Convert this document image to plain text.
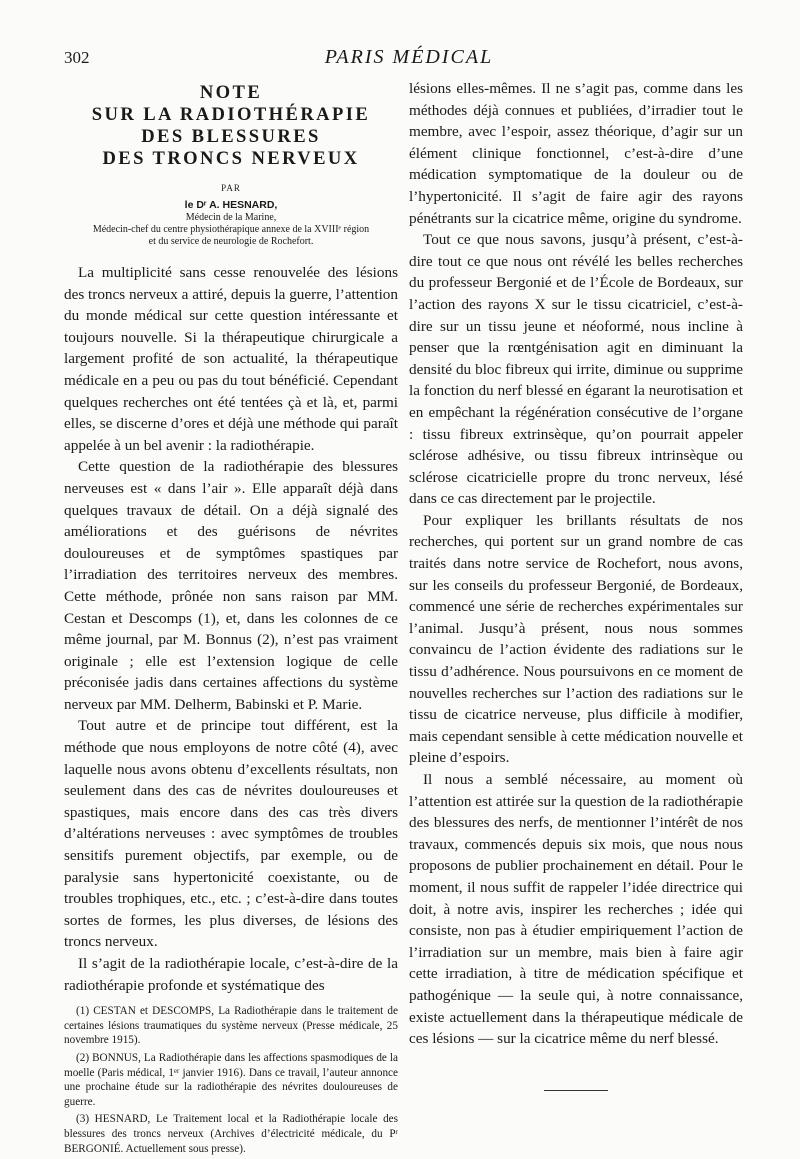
302	PARIS MÉDICAL

NOTE

SUR LA RADIOTHÉRAPIE

DES BLESSURES

DES TRONCS NERVEUX

PAR

le Dʳ A. HESNARD,

Médecin de la Marine,

Médecin-chef du centre physiothérapique annexe de la XVIIIᵉ région

et du service de neurologie de Rochefort.

La multiplicité sans cesse renouvelée des lésions des troncs nerveux a attiré, depuis la guerre, l’attention du monde médical sur cette question intéressante et toujours nouvelle. Si la thérapeutique chirurgicale a largement profité de son actualité, la thérapeutique médicale en a peu ou pas du tout bénéficié. Cependant quelques recherches ont été tentées çà et là, et, parmi elles, se discerne d’ores et déjà une méthode qui paraît appelée à un bel avenir : la radiothérapie.

Cette question de la radiothérapie des blessures nerveuses est « dans l’air ». Elle apparaît déjà dans quelques travaux de détail. On a déjà signalé des améliorations et des guérisons de névrites douloureuses et de symptômes spastiques par l’irradiation des territoires nerveux des membres. Cette méthode, prônée non sans raison par MM. Cestan et Descomps (1), et, dans les colonnes de ce même journal, par M. Bonnus (2), n’est pas vraiment originale ; elle est l’extension logique de celle préconisée jadis dans certaines affections du système nerveux par MM. Delherm, Babinski et P. Marie.

Tout autre et de principe tout différent, est la méthode que nous employons de notre côté (4), avec laquelle nous avons obtenu d’excellents résultats, non seulement dans des cas de névrites douloureuses et spastiques, mais encore dans des cas très divers d’altérations nerveuses : avec symptômes de troubles sensitifs purement objectifs, par exemple, ou de paralysie sans hypertonicité coexistante, ou de troubles trophiques, etc., etc. ; c’est-à-dire dans toutes sortes de formes, les plus diverses, de lésions des troncs nerveux.

Il s’agit de la radiothérapie locale, c’est-à-dire de la radiothérapie profonde et systématique des

(1) CESTAN et DESCOMPS, La Radiothérapie dans le traitement de certaines lésions traumatiques du système nerveux (Presse médicale, 25 novembre 1915).

(2) BONNUS, La Radiothérapie dans les affections spasmodiques de la moelle (Paris médical, 1ᵉʳ janvier 1916). Dans ce travail, l’auteur annonce une prochaine étude sur la radiothérapie des névrites douloureuses de guerre.

(3) HESNARD, Le Traitement local et la Radiothérapie locale des blessures des troncs nerveux (Archives d’électricité médicale, du Pʳ BERGONIÉ. Actuellement sous presse).

lésions elles-mêmes. Il ne s’agit pas, comme dans les méthodes déjà connues et publiées, d’irradier tout le membre, avec l’espoir, assez théorique, d’agir sur un élément clinique fonctionnel, c’est-à-dire d’une médication symptomatique de la douleur ou de l’hypertonicité. Il s’agit de faire agir des rayons pénétrants sur la cicatrice même, origine du syndrome.

Tout ce que nous savons, jusqu’à présent, c’est-à-dire tout ce que nous ont révélé les belles recherches du professeur Bergonié et de l’École de Bordeaux, sur l’action des rayons X sur le tissu cicatriciel, c’est-à-dire sur un tissu jeune et néoformé, nous incline à penser que la rœntgénisation agit en diminuant la densité du bloc fibreux qui irrite, diminue ou supprime la fonction du nerf blessé en égarant la neurotisation et en empêchant la régénération consécutive de l’organe : tissu fibreux extrinsèque, qu’on pourrait appeler sclérose adhésive, ou tissu fibreux intrinsèque ou sclérose cicatricielle propre du tronc nerveux, lésé dans ce cas directement par le projectile.

Pour expliquer les brillants résultats de nos recherches, qui portent sur un grand nombre de cas traités dans notre service de Rochefort, nous avons, sur les conseils du professeur Bergonié, de Bordeaux, commencé une série de recherches expérimentales sur l’animal. Jusqu’à présent, nous nous sommes convaincu de l’action évidente des radiations sur le tissu d’adhérence. Nous poursuivons en ce moment de nouvelles recherches sur l’action des radiations sur le tissu de cicatrice nerveuse, plus difficile à modifier, mais cependant sensible à cette médication nouvelle et pleine d’espoirs.

Il nous a semblé nécessaire, au moment où l’attention est attirée sur la question de la radiothérapie des blessures des nerfs, de mentionner l’intérêt de nos travaux, commencés depuis six mois, que nous nous proposons de publier prochainement en détail. Pour le moment, il nous suffit de rappeler l’idée directrice qui doit, à notre avis, inspirer les recherches ; idée qui consiste, non pas à étudier empiriquement l’action de l’irradiation sur un membre, mais bien à faire agir cette irradiation, à titre de médication spécifique et pathogénique — la seule qui, à notre connaissance, existe actuellement dans la thérapeutique médicale de ces lésions — sur la cicatrice même du nerf blessé.
